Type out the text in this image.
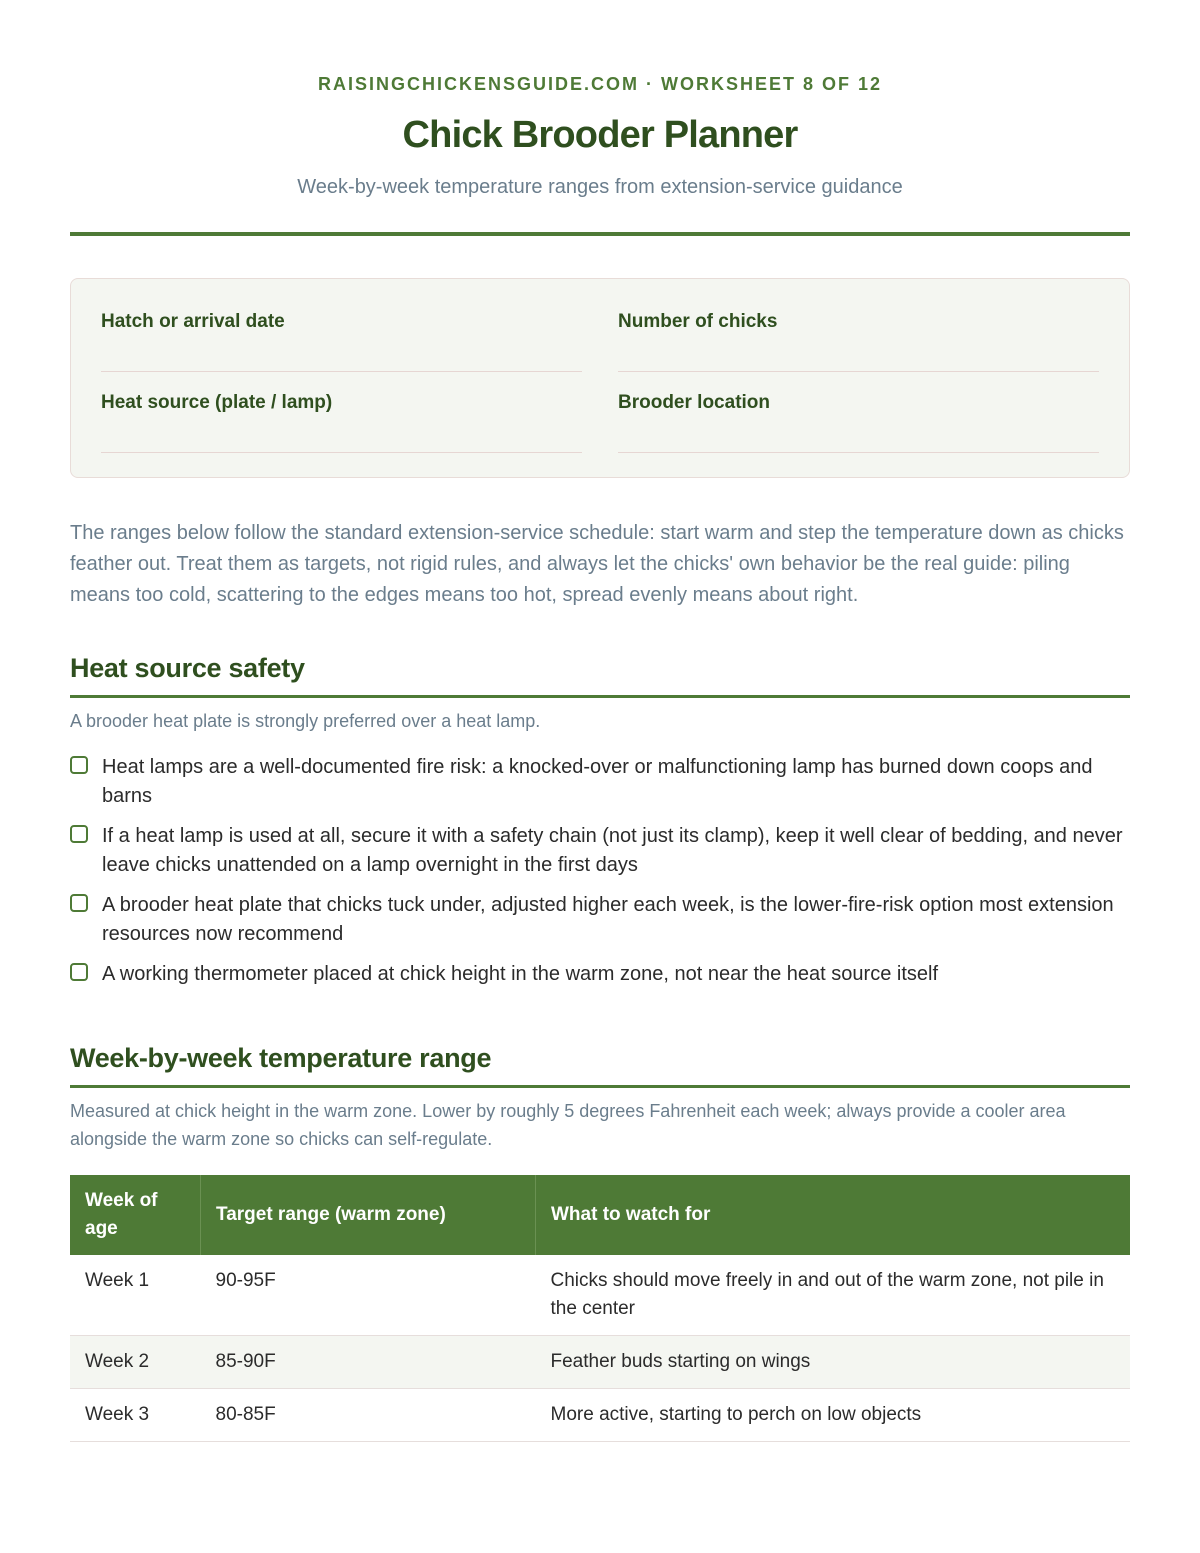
RAISINGCHICKENSGUIDE.COM · WORKSHEET 8 OF 12
Chick Brooder Planner
Week-by-week temperature ranges from extension-service guidance
Hatch or arrival date	Number of chicks
Heat source (plate / lamp)	Brooder location

The ranges below follow the standard extension-service schedule: start warm and step the temperature down as chicks feather out. Treat them as targets, not rigid rules, and always let the chicks' own behavior be the real guide: piling means too cold, scattering to the edges means too hot, spread evenly means about right.

Heat source safety
A brooder heat plate is strongly preferred over a heat lamp.
Heat lamps are a well-documented fire risk: a knocked-over or malfunctioning lamp has burned down coops and barns
If a heat lamp is used at all, secure it with a safety chain (not just its clamp), keep it well clear of bedding, and never leave chicks unattended on a lamp overnight in the first days
A brooder heat plate that chicks tuck under, adjusted higher each week, is the lower-fire-risk option most extension resources now recommend
A working thermometer placed at chick height in the warm zone, not near the heat source itself
Week-by-week temperature range
Measured at chick height in the warm zone. Lower by roughly 5 degrees Fahrenheit each week; always provide a cooler area alongside the warm zone so chicks can self-regulate.
Week of age	Target range (warm zone)	What to watch for
Week 1	90-95F	Chicks should move freely in and out of the warm zone, not pile in the center
Week 2	85-90F	Feather buds starting on wings
Week 3	80-85F	More active, starting to perch on low objects
